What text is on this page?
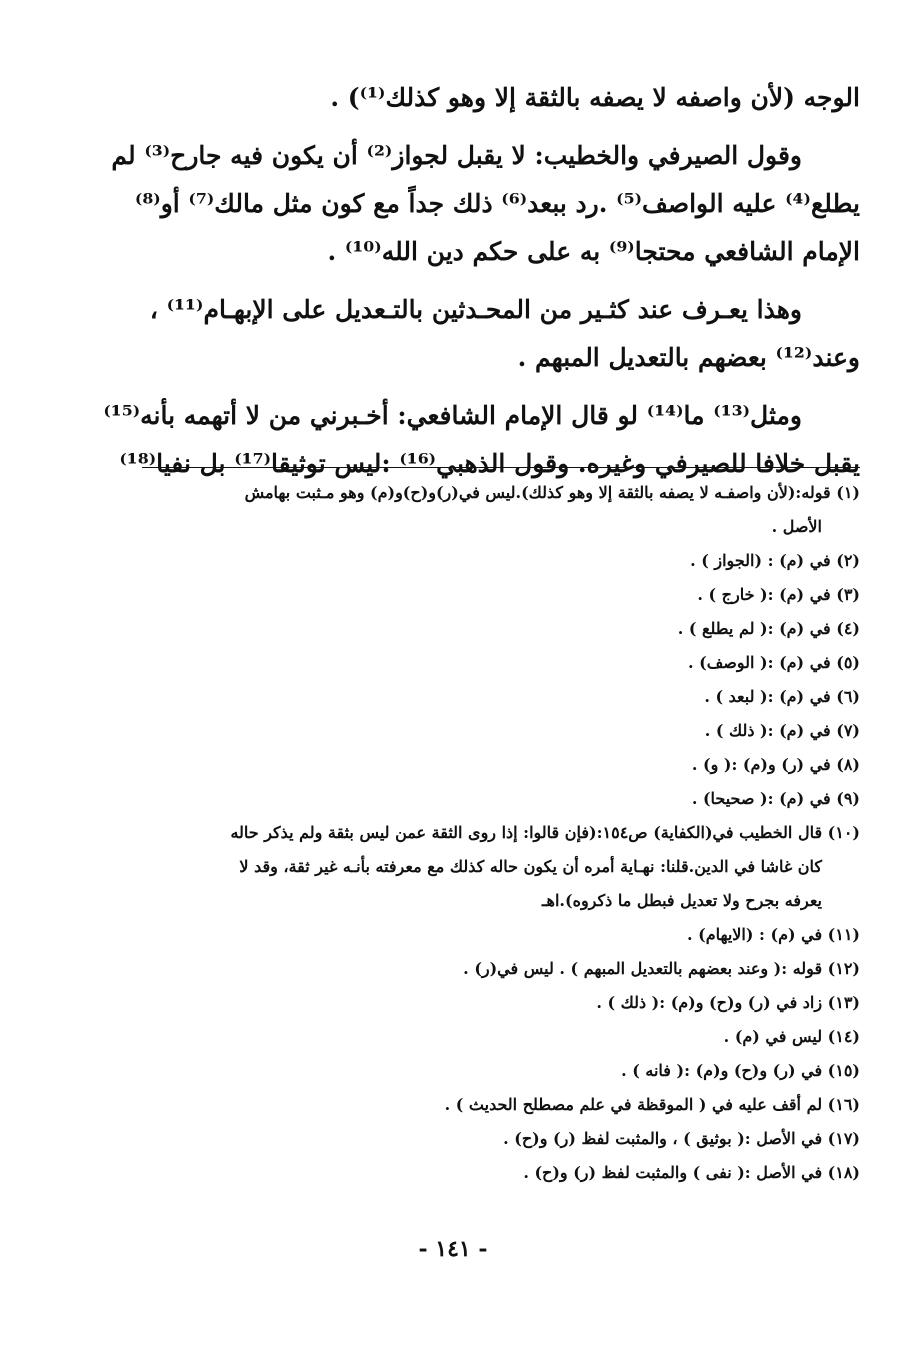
الوجه (لأن واصفه لا يصفه بالثقة إلا وهو كذلك⁽¹⁾) .
وقول الصيرفي والخطيب: لا يقبل لجواز⁽²⁾ أن يكون فيه جارح⁽³⁾ لم
يطلع⁽⁴⁾ عليه الواصف⁽⁵⁾ .رد ببعد⁽⁶⁾ ذلك جداً مع كون مثل مالك⁽⁷⁾ أو⁽⁸⁾
الإمام الشافعي محتجا⁽⁹⁾ به على حكم دين الله⁽¹⁰⁾ .
وهذا يعـرف عند كثـير من المحـدثين بالتـعديل على الإبهـام⁽¹¹⁾ ،
وعند⁽¹²⁾ بعضهم بالتعديل المبهم .
ومثل⁽¹³⁾ ما⁽¹⁴⁾ لو قال الإمام الشافعي: أخـبرني من لا أتهمه بأنه⁽¹⁵⁾
يقبل خلافا للصيرفي وغيره. وقول الذهبي⁽¹⁶⁾ :ليس توثيقا⁽¹⁷⁾ بل نفيا⁽¹⁸⁾
(١) قوله:(لأن واصفـه لا يصفه بالثقة إلا وهو كذلك).ليس في(ر)و(ح)و(م) وهو مـثبت بهامش
الأصل .
(٢) في (م) : (الجواز ) .
(٣) في (م) :( خارج ) .
(٤) في (م) :( لم يطلع ) .
(٥) في (م) :( الوصف) .
(٦) في (م) :( لبعد ) .
(٧) في (م) :( ذلك ) .
(٨) في (ر) و(م) :( و) .
(٩) في (م) :( صحيحا) .
(١٠) قال الخطيب في(الكفاية) ص١٥٤:(فإن قالوا: إذا روى الثقة عمن ليس بثقة ولم يذكر حاله
كان غاشا في الدين.قلنا: نهـاية أمره أن يكون حاله كذلك مع معرفته بأنـه غير ثقة، وقد لا
يعرفه بجرح ولا تعديل فبطل ما ذكروه).اهـ
(١١) في (م) : (الايهام) .
(١٢) قوله :( وعند بعضهم بالتعديل المبهم ) . ليس في(ر) .
(١٣) زاد في (ر) و(ح) و(م) :( ذلك ) .
(١٤) ليس في (م) .
(١٥) في (ر) و(ح) و(م) :( فانه ) .
(١٦) لم أقف عليه في ( الموقظة في علم مصطلح الحديث ) .
(١٧) في الأصل :( بوثيق ) ، والمثبت لفظ (ر) و(ح) .
(١٨) في الأصل :( نفى ) والمثبت لفظ (ر) و(ح) .
- ١٤١ -
